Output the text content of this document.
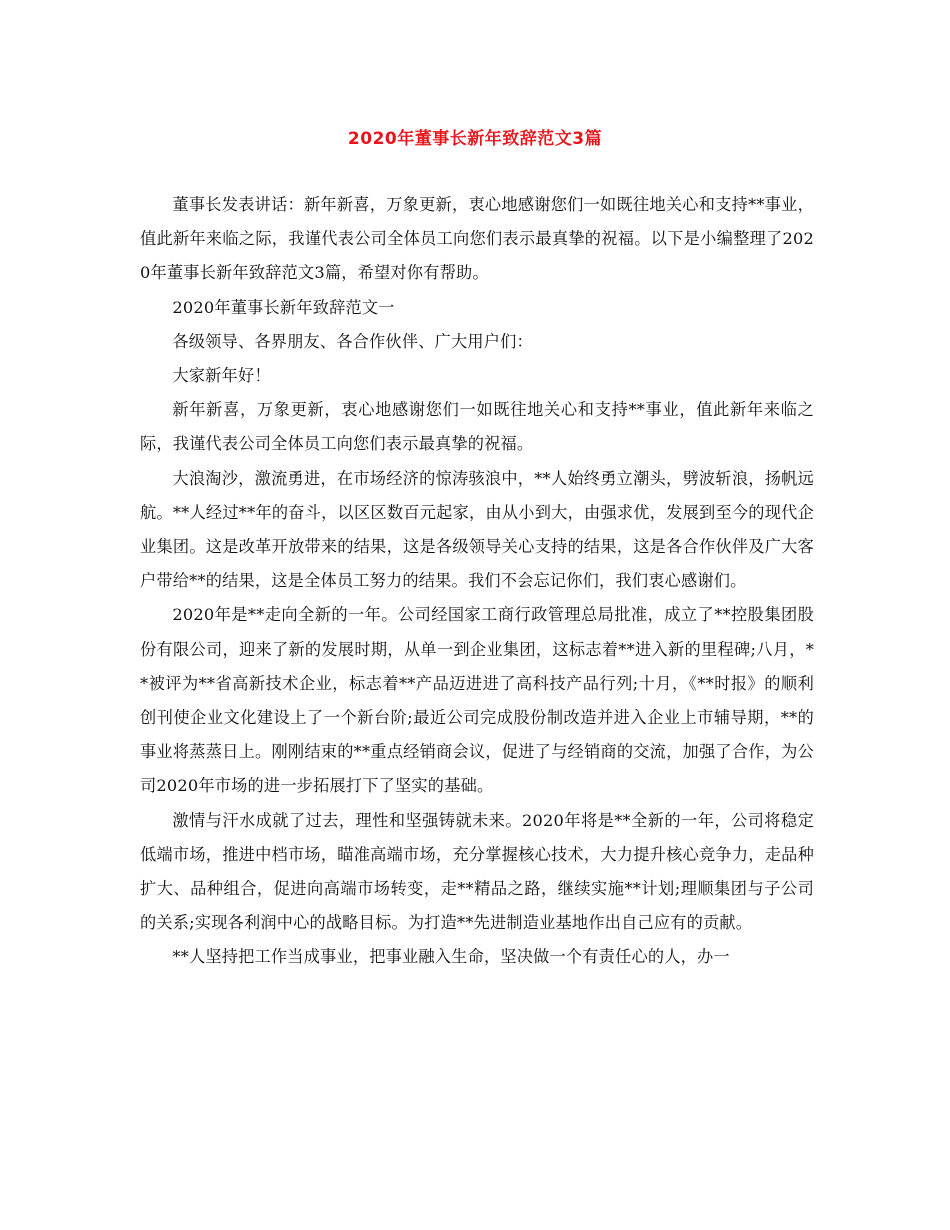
2020年董事长新年致辞范文3篇

董事长发表讲话：新年新喜，万象更新，衷心地感谢您们一如既往地关心和支持**事业，值此新年来临之际，我谨代表公司全体员工向您们表示最真挚的祝福。以下是小编整理了2020年董事长新年致辞范文3篇，希望对你有帮助。

2020年董事长新年致辞范文一

各级领导、各界朋友、各合作伙伴、广大用户们：

大家新年好！

新年新喜，万象更新，衷心地感谢您们一如既往地关心和支持**事业，值此新年来临之际，我谨代表公司全体员工向您们表示最真挚的祝福。

大浪淘沙，激流勇进，在市场经济的惊涛骇浪中，**人始终勇立潮头，劈波斩浪，扬帆远航。**人经过**年的奋斗，以区区数百元起家，由从小到大，由强求优，发展到至今的现代企业集团。这是改革开放带来的结果，这是各级领导关心支持的结果，这是各合作伙伴及广大客户带给**的结果，这是全体员工努力的结果。我们不会忘记你们，我们衷心感谢们。

2020年是**走向全新的一年。公司经国家工商行政管理总局批准，成立了**控股集团股份有限公司，迎来了新的发展时期，从单一到企业集团，这标志着**进入新的里程碑;八月，**被评为**省高新技术企业，标志着**产品迈进进了高科技产品行列;十月，《**时报》的顺利创刊使企业文化建设上了一个新台阶;最近公司完成股份制改造并进入企业上市辅导期，**的事业将蒸蒸日上。刚刚结束的**重点经销商会议，促进了与经销商的交流，加强了合作，为公司2020年市场的进一步拓展打下了坚实的基础。

激情与汗水成就了过去，理性和坚强铸就未来。2020年将是**全新的一年，公司将稳定低端市场，推进中档市场，瞄准高端市场，充分掌握核心技术，大力提升核心竞争力，走品种扩大、品种组合，促进向高端市场转变，走**精品之路，继续实施**计划;理顺集团与子公司的关系;实现各利润中心的战略目标。为打造**先进制造业基地作出自己应有的贡献。

**人坚持把工作当成事业，把事业融入生命，坚决做一个有责任心的人，办一
